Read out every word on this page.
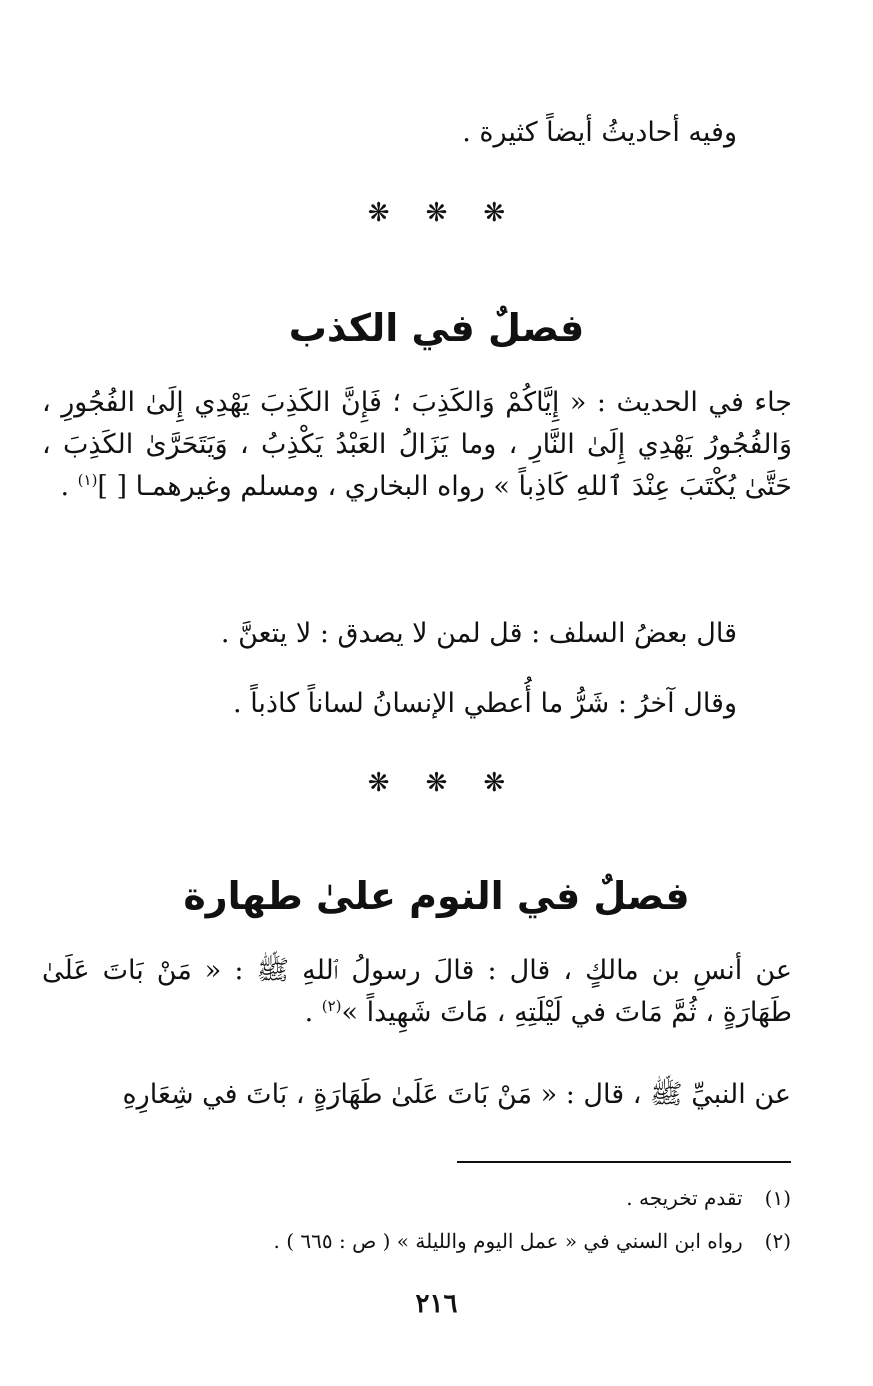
وفيه أحاديثُ أيضاً كثيرة .
❋ ❋ ❋
فصلٌ في الكذب
جاء في الحديث : « إِيَّاكُمْ وَالكَذِبَ ؛ فَإِنَّ الكَذِبَ يَهْدِي إِلَىٰ الفُجُورِ ، وَالفُجُورُ يَهْدِي إِلَىٰ النَّارِ ، وما يَزَالُ العَبْدُ يَكْذِبُ ، وَيَتَحَرَّىٰ الكَذِبَ ، حَتَّىٰ يُكْتَبَ عِنْدَ ٱللهِ كَاذِباً » رواه البخاري ، ومسلم وغيرهمـا [ ]$^{(١)}$ .
قال بعضُ السلف : قل لمن لا يصدق : لا يتعنَّ .
وقال آخرُ : شَرُّ ما أُعطي الإنسانُ لساناً كاذباً .
❋ ❋ ❋
فصلٌ في النوم علىٰ طهارة
عن أنسِ بن مالكٍ ، قال : قالَ رسولُ ٱللهِ ﷺ : « مَنْ بَاتَ عَلَىٰ طَهَارَةٍ ، ثُمَّ مَاتَ في لَيْلَتِهِ ، مَاتَ شَهِيداً »$^{(٢)}$ .
عن النبيِّ ﷺ ، قال : « مَنْ بَاتَ عَلَىٰ طَهَارَةٍ ، بَاتَ في شِعَارِهِ
(١)تقدم تخريجه .
(٢)رواه ابن السني في « عمل اليوم والليلة » ( ص : ٦٦٥ ) .
٢١٦
